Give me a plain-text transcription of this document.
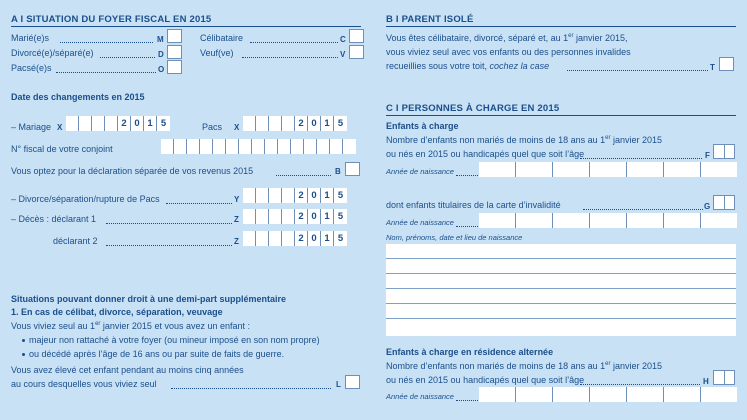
A I SITUATION DU FOYER FISCAL EN 2015
Marié(e)s	M
Divorcé(e)/séparé(e)	D
Pacsé(e)s	O
Célibataire	C
Veuf(ve)	V
Date des changements en 2015
– Mariage X	2 0 1 5	Pacs X	2 0 1 5
N° fiscal de votre conjoint
Vous optez pour la déclaration séparée de vos revenus 2015	B
– Divorce/séparation/rupture de Pacs	Y	2 0 1 5
– Décès : déclarant 1	Z	2 0 1 5
déclarant 2	Z	2 0 1 5
Situations pouvant donner droit à une demi-part supplémentaire
1. En cas de célibat, divorce, séparation, veuvage
Vous viviez seul au 1er janvier 2015 et vous avez un enfant :
majeur non rattaché à votre foyer (ou mineur imposé en son nom propre)
ou décédé après l’âge de 16 ans ou par suite de faits de guerre.
Vous avez élevé cet enfant pendant au moins cinq années
au cours desquelles vous viviez seul	L
B I PARENT ISOLÉ
Vous êtes célibataire, divorcé, séparé et, au 1er janvier 2015,
vous viviez seul avec vos enfants ou des personnes invalides
recueillies sous votre toit, cochez la case	T
C I PERSONNES À CHARGE EN 2015
Enfants à charge
Nombre d’enfants non mariés de moins de 18 ans au 1er janvier 2015
ou nés en 2015 ou handicapés quel que soit l’âge	F
Année de naissance
dont enfants titulaires de la carte d’invalidité	G
Année de naissance
Nom, prénoms, date et lieu de naissance
Enfants à charge en résidence alternée
Nombre d’enfants non mariés de moins de 18 ans au 1er janvier 2015
ou nés en 2015 ou handicapés quel que soit l’âge	H
Année de naissance
